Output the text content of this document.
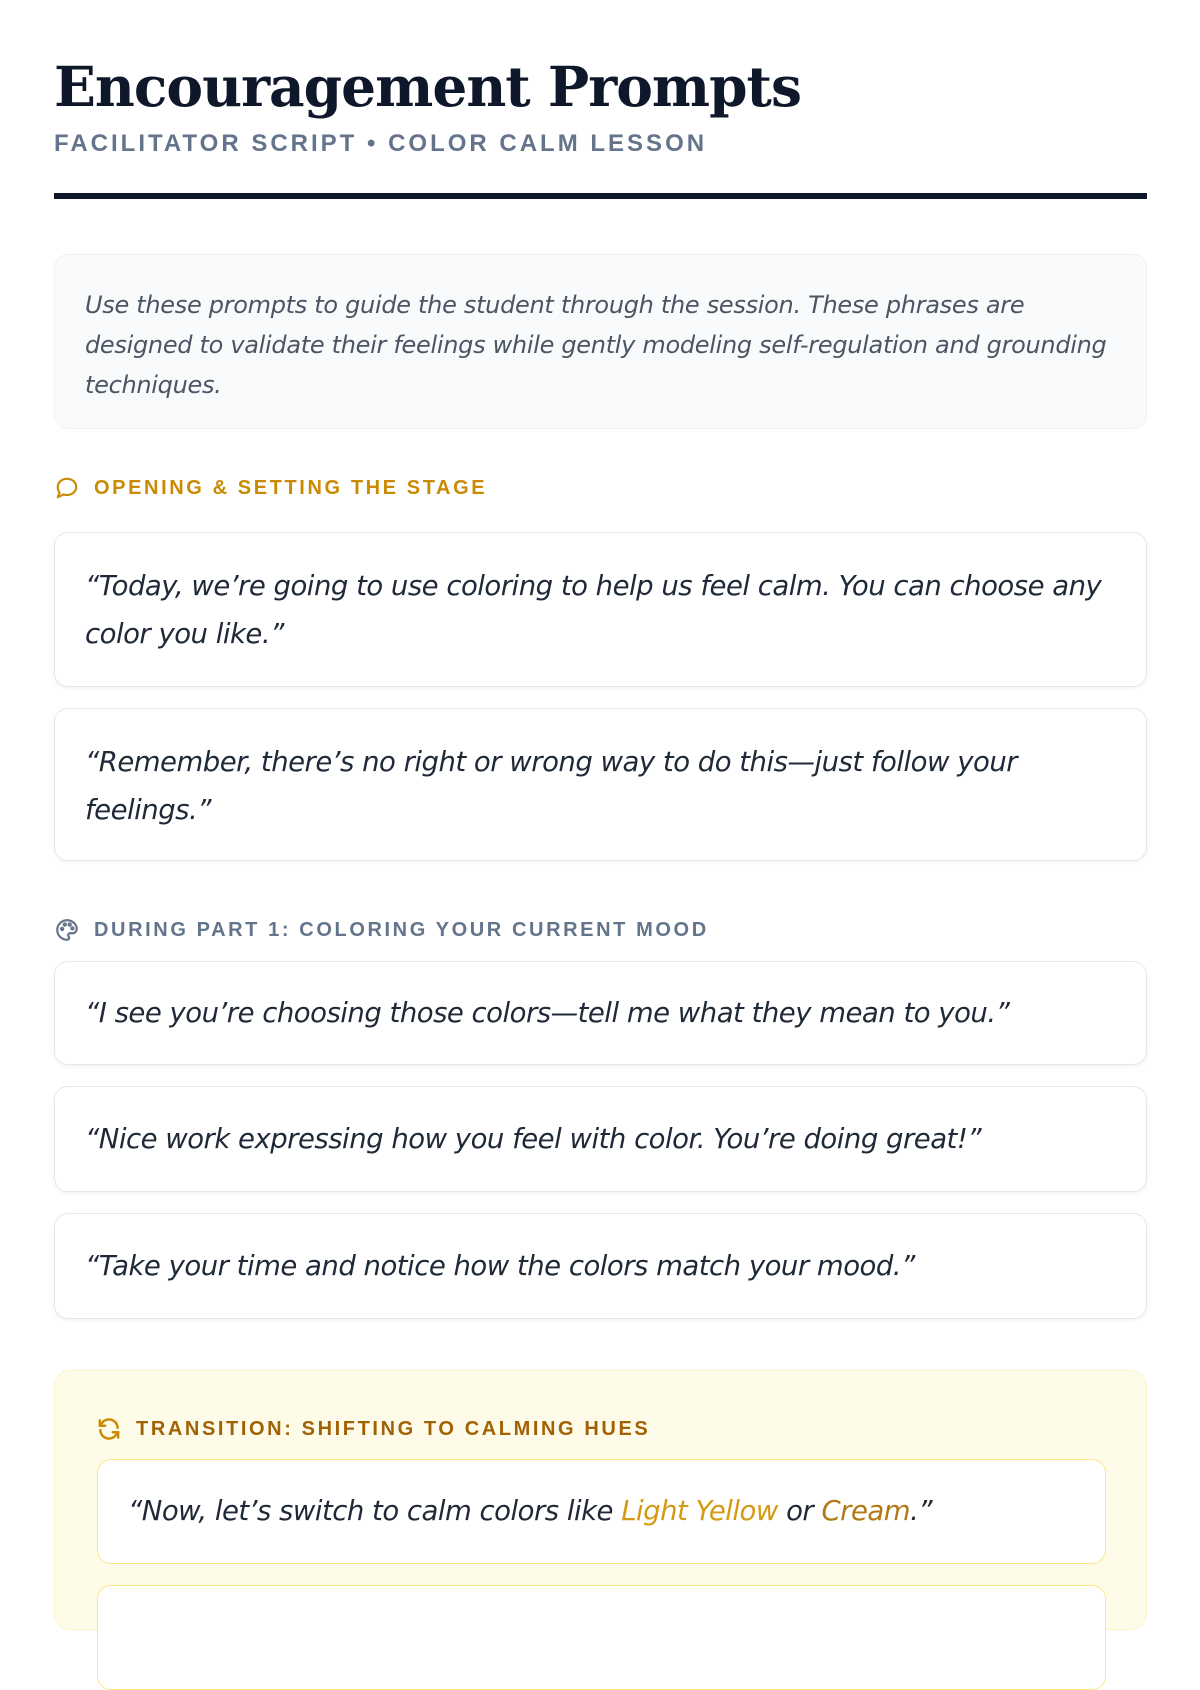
Encouragement Prompts
FACILITATOR SCRIPT • COLOR CALM LESSON
Use these prompts to guide the student through the session. These phrases are designed to validate their feelings while gently modeling self-regulation and grounding techniques.
OPENING & SETTING THE STAGE
“Today, we’re going to use coloring to help us feel calm. You can choose any color you like.”
“Remember, there’s no right or wrong way to do this—just follow your feelings.”
DURING PART 1: COLORING YOUR CURRENT MOOD
“I see you’re choosing those colors—tell me what they mean to you.”
“Nice work expressing how you feel with color. You’re doing great!”
“Take your time and notice how the colors match your mood.”
TRANSITION: SHIFTING TO CALMING HUES
“Now, let’s switch to calm colors like Light Yellow or Cream.”
